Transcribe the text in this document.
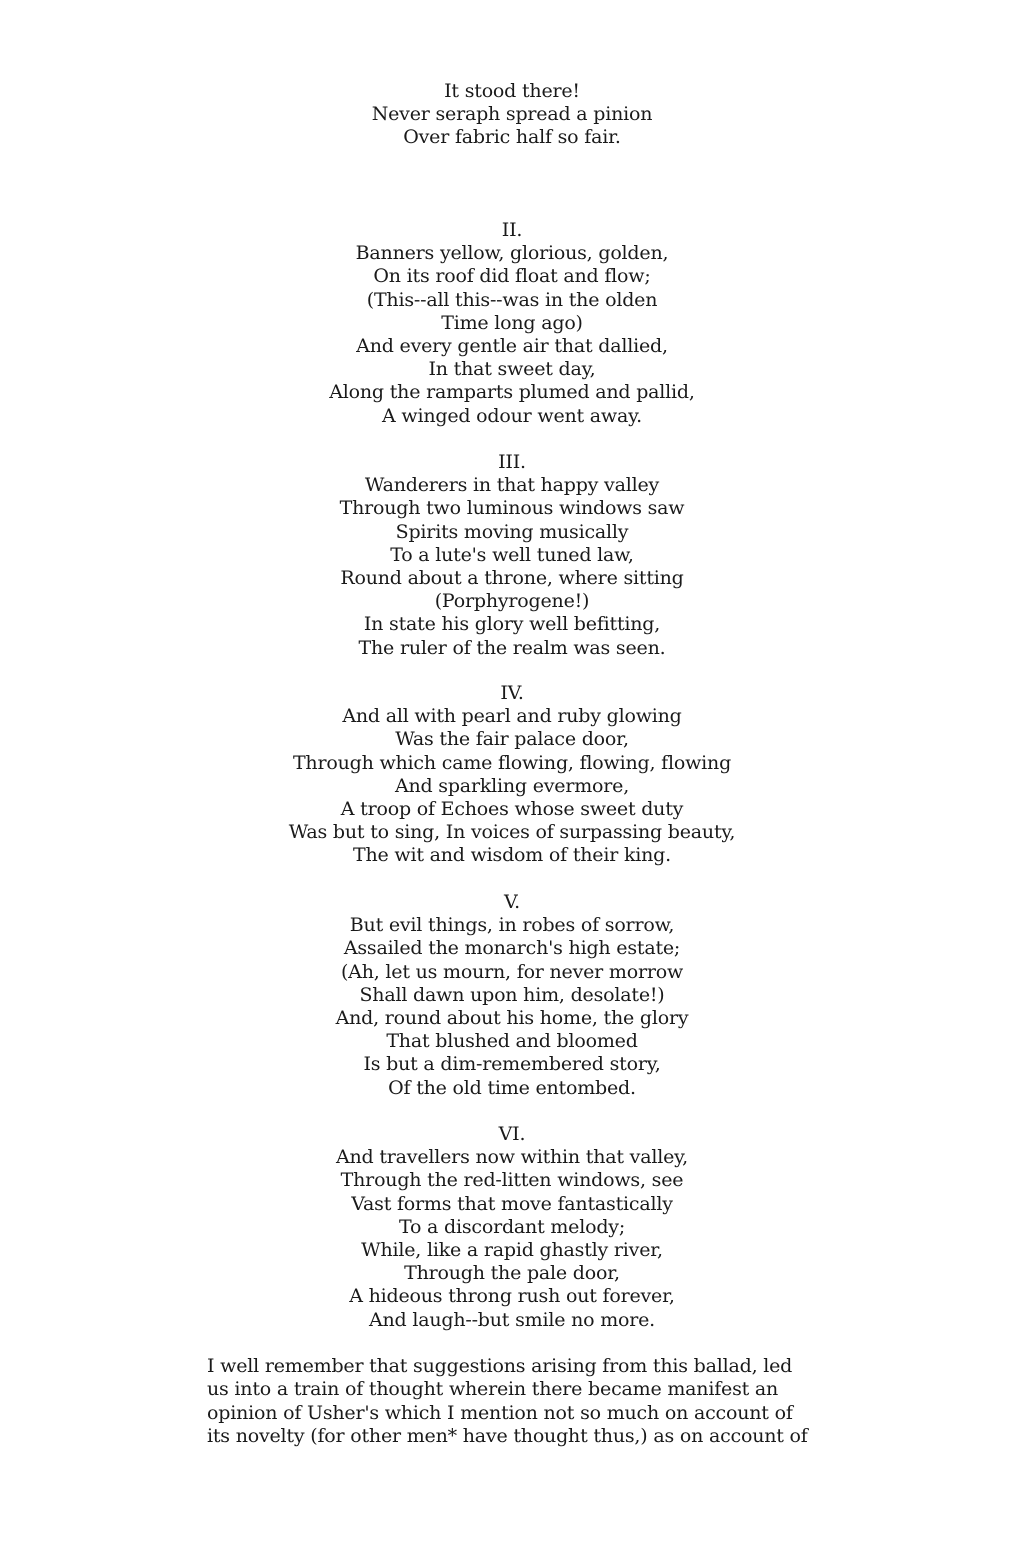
It stood there!
Never seraph spread a pinion
Over fabric half so fair.
II.
Banners yellow, glorious, golden,
On its roof did float and flow;
(This--all this--was in the olden
Time long ago)
And every gentle air that dallied,
In that sweet day,
Along the ramparts plumed and pallid,
A winged odour went away.
III.
Wanderers in that happy valley
Through two luminous windows saw
Spirits moving musically
To a lute's well tuned law,
Round about a throne, where sitting
(Porphyrogene!)
In state his glory well befitting,
The ruler of the realm was seen.
IV.
And all with pearl and ruby glowing
Was the fair palace door,
Through which came flowing, flowing, flowing
And sparkling evermore,
A troop of Echoes whose sweet duty
Was but to sing, In voices of surpassing beauty,
The wit and wisdom of their king.
V.
But evil things, in robes of sorrow,
Assailed the monarch's high estate;
(Ah, let us mourn, for never morrow
Shall dawn upon him, desolate!)
And, round about his home, the glory
That blushed and bloomed
Is but a dim-remembered story,
Of the old time entombed.
VI.
And travellers now within that valley,
Through the red-litten windows, see
Vast forms that move fantastically
To a discordant melody;
While, like a rapid ghastly river,
Through the pale door,
A hideous throng rush out forever,
And laugh--but smile no more.
I well remember that suggestions arising from this ballad, led
us into a train of thought wherein there became manifest an
opinion of Usher's which I mention not so much on account of
its novelty (for other men* have thought thus,) as on account of
